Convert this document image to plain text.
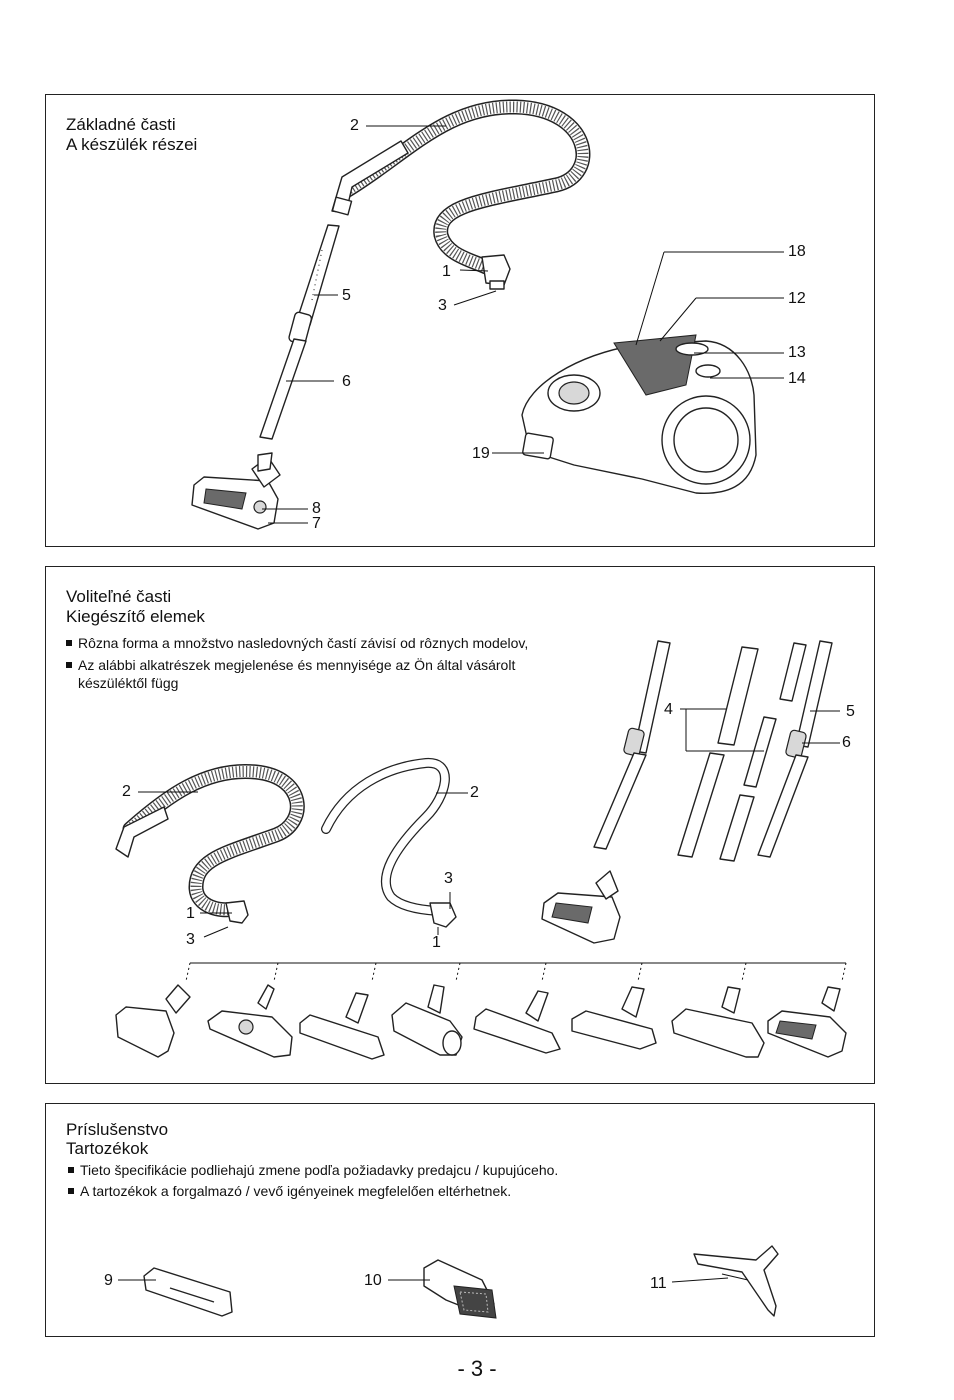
Základné časti
A készülék részei
2
1
3
5
6
8
7
18
12
13
14
19
Voliteľné časti
Kiegészítő elemek
Rôzna forma a množstvo nasledovných častí závisí od rôznych modelov,
Az alábbi alkatrészek megjelenése és mennyisége az Ön által vásárolt
készüléktől függ
2
1
3
2
3
1
4	5
6
Príslušenstvo
Tartozékok
Tieto špecifikácie podliehajú zmene podľa požiadavky predajcu / kupujúceho.
A tartozékok a forgalmazó / vevő igényeinek megfelelően eltérhetnek.
9	10	11
- 3 -
